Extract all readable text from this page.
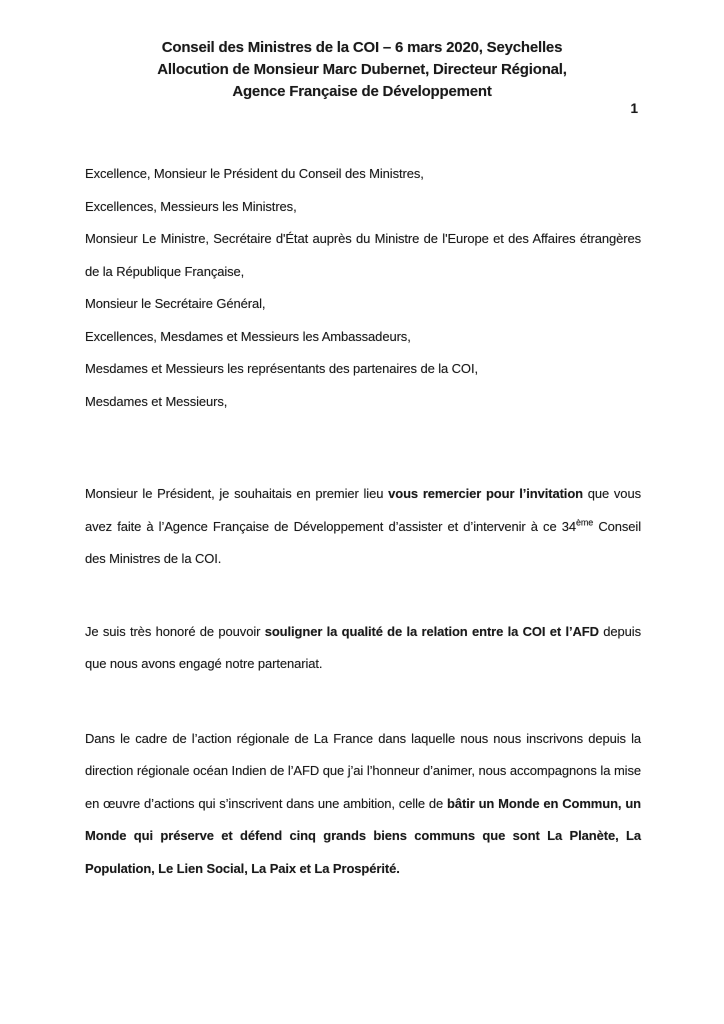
Conseil des Ministres de la COI – 6 mars 2020, Seychelles
Allocution de Monsieur Marc Dubernet, Directeur Régional,
Agence Française de Développement
1

Excellence, Monsieur le Président du Conseil des Ministres,

Excellences, Messieurs les Ministres,

Monsieur Le Ministre, Secrétaire d'État auprès du Ministre de l'Europe et des Affaires étrangères de la République Française,

Monsieur le Secrétaire Général,

Excellences, Mesdames et Messieurs les Ambassadeurs,

Mesdames et Messieurs les représentants des partenaires de la COI,

Mesdames et Messieurs,

Monsieur le Président, je souhaitais en premier lieu vous remercier pour l’invitation que vous avez faite à l’Agence Française de Développement d’assister et d’intervenir à ce 34ème Conseil des Ministres de la COI.

Je suis très honoré de pouvoir souligner la qualité de la relation entre la COI et l’AFD depuis que nous avons engagé notre partenariat.

Dans le cadre de l’action régionale de La France dans laquelle nous nous inscrivons depuis la direction régionale océan Indien de l’AFD que j’ai l’honneur d’animer, nous accompagnons la mise en œuvre d’actions qui s’inscrivent dans une ambition, celle de bâtir un Monde en Commun, un Monde qui préserve et défend cinq grands biens communs que sont La Planète, La Population, Le Lien Social, La Paix et La Prospérité.
